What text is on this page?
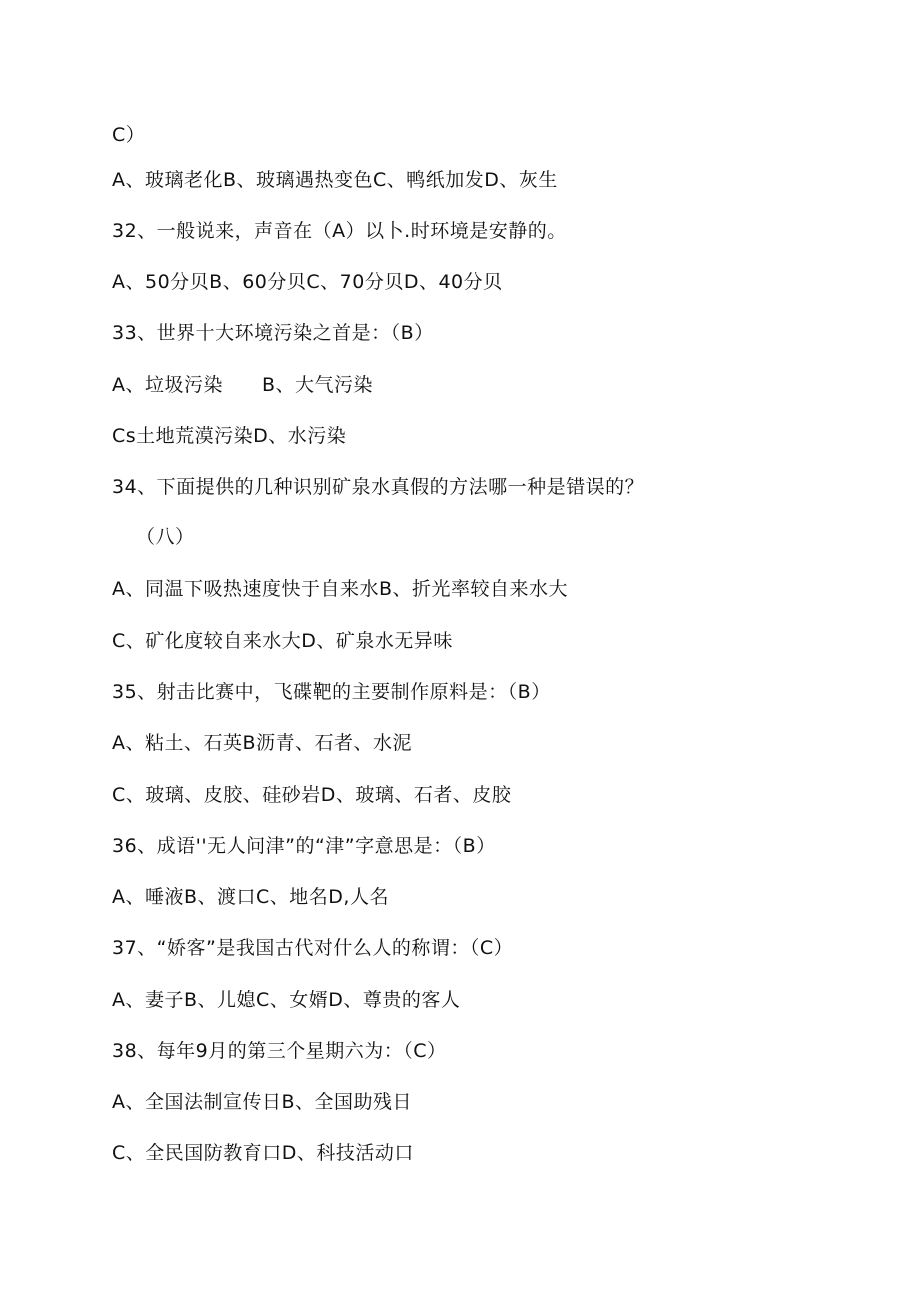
C）
A、玻璃老化B、玻璃遇热变色C、鸭纸加发D、灰生
32、一般说来，声音在（A）以卜.时环境是安静的。
A、50分贝B、60分贝C、70分贝D、40分贝
33、世界十大环境污染之首是：（B）
A、垃圾污染　　B、大气污染
Cs土地荒漠污染D、水污染
34、下面提供的几种识别矿泉水真假的方法哪一种是错误的？
（八）
A、同温下吸热速度快于自来水B、折光率较自来水大
C、矿化度较自来水大D、矿泉水无异味
35、射击比赛中，飞碟靶的主要制作原料是：（B）
A、粘土、石英B沥青、石者、水泥
C、玻璃、皮胶、硅砂岩D、玻璃、石者、皮胶
36、成语''无人问津”的“津”字意思是：（B）
A、唾液B、渡口C、地名D,人名
37、“娇客”是我国古代对什么人的称谓：（C）
A、妻子B、儿媳C、女婿D、尊贵的客人
38、每年9月的第三个星期六为：（C）
A、全国法制宣传日B、全国助残日
C、全民国防教育口D、科技活动口
